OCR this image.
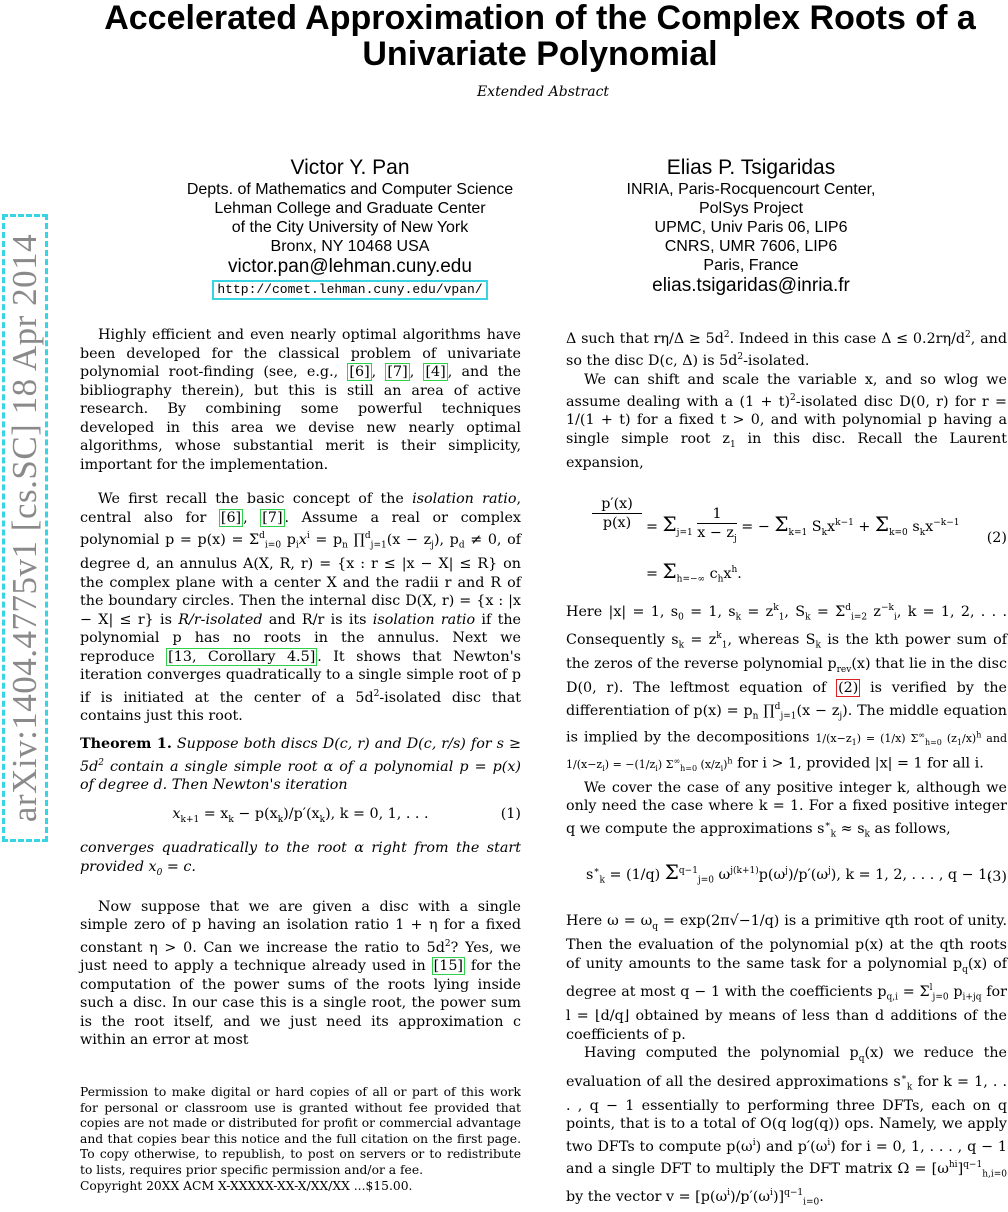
arXiv:1404.4775v1 [cs.SC] 18 Apr 2014
Accelerated Approximation of the Complex Roots of a Univariate Polynomial
Extended Abstract
Victor Y. Pan
Depts. of Mathematics and Computer Science
Lehman College and Graduate Center
of the City University of New York
Bronx, NY 10468 USA
victor.pan@lehman.cuny.edu
http://comet.lehman.cuny.edu/vpan/
Elias P. Tsigaridas
INRIA, Paris-Rocquencourt Center,
PolSys Project
UPMC, Univ Paris 06, LIP6
CNRS, UMR 7606, LIP6
Paris, France
elias.tsigaridas@inria.fr

Highly efficient and even nearly optimal algorithms have been developed for the classical problem of univariate polynomial root-finding (see, e.g., [6] , [7] , [4] , and the bibliography therein), but this is still an area of active research. By combining some powerful techniques developed in this area we devise new nearly optimal algorithms, whose substantial merit is their simplicity, important for the implementation.

We first recall the basic concept of the isolation ratio, central also for [6] , [7] . Assume a real or complex polynomial $p = p(x) = \Sigma^d_{i=0}$ $p_ix^i = p_n$ ∏$^d_{j=1}$(x − $z_j$), $p_d \ne 0$, of degree d, an annulus A(X, R, r) = {x : r ≤ |x − X| ≤ R} on the complex plane with a center X and the radii r and R of the boundary circles. Then the internal disc D(X, r) = {x : |x − X| ≤ r} is R/r-isolated and R/r is its isolation ratio if the polynomial p has no roots in the annulus. Next we reproduce [13, Corollary 4.5] . It shows that Newton's iteration converges quadratically to a single simple root of p if is initiated at the center of a $5d^2$-isolated disc that contains just this root.

Theorem 1. Suppose both discs D(c, r) and D(c, r/s) for $s \ge 5d^2$ contain a single simple root α of a polynomial p = p(x) of degree d. Then Newton's iteration

$x_{k+1} = x_k - p(x_k)/p'(x_k)$, k = 0, 1, . . .	(1)

converges quadratically to the root α right from the start provided $x_0 = c$.

Now suppose that we are given a disc with a single simple zero of p having an isolation ratio 1 + η for a fixed constant η > 0. Can we increase the ratio to $5d^2$? Yes, we just need to apply a technique already used in [15] for the computation of the power sums of the roots lying inside such a disc. In our case this is a single root, the power sum is the root itself, and we just need its approximation c within an error at most

Permission to make digital or hard copies of all or part of this work for personal or classroom use is granted without fee provided that copies are not made or distributed for profit or commercial advantage and that copies bear this notice and the full citation on the first page. To copy otherwise, to republish, to post on servers or to redistribute to lists, requires prior specific permission and/or a fee.
Copyright 20XX ACM X-XXXXX-XX-X/XX/XX ...$15.00.

Δ such that $r\eta/\Delta \ge 5d^2$. Indeed in this case $\Delta \le 0.2r\eta/d^2$, and so the disc D(c, Δ) is $5d^2$-isolated.

We can shift and scale the variable x, and so wlog we assume dealing with a $(1 + t)^2$-isolated disc D(0, r) for r = 1/(1 + t) for a fixed t > 0, and with polynomial p having a single simple root $z_1$ in this disc. Recall the Laurent expansion,

p′(x)
p(x)	= $\Sigma_{j=1} \frac{1}{x - z_j}$ = − $\Sigma_{k=1}$ $S_kx^{k-1} + \Sigma_{k=0}$ $s_kx^{-k-1}$
(2)
= $\Sigma_{h=-\infty}$ $c_hx^h$.

Here |x| = 1, $s_0 = 1$, $s_k = z^k_1$, $S_k = \Sigma^d_{i=2}$ $z^{-k}_i$, k = 1, 2, . . . Consequently $s_k = z^k_1$, whereas $S_k$ is the kth power sum of the zeros of the reverse polynomial $p_{rev}(x)$ that lie in the disc D(0, r). The leftmost equation of (2) is verified by the differentiation of $p(x) = p_n$ ∏$^d_{j=1}$(x − $z_j$). The middle equation is implied by the decompositions $1/(x-z_1) = (1/x)$ $\Sigma^\infty_{h=0}$ $(z_1/x)^h$ and $1/(x-z_i) = -(1/z_i)$ $\Sigma^\infty_{h=0}$ $(x/z_i)^h$ for i > 1, provided |x| = 1 for all i.

We cover the case of any positive integer k, although we only need the case where k = 1. For a fixed positive integer q we compute the approximations $s^∗_k \approx s_k$ as follows,

$s^∗_k = (1/q)$ $\Sigma^{q-1}_{j=0}$ $\omega^{j(k+1)}p(\omega^j)/p'(\omega^j)$, k = 1, 2, . . . , q − 1.
(3)

Here $\omega = \omega_q = \exp(2\pi√-1/q)$ is a primitive qth root of unity. Then the evaluation of the polynomial p(x) at the qth roots of unity amounts to the same task for a polynomial $p_q(x)$ of degree at most q − 1 with the coefficients $p_{q,i} = \Sigma^l_{j=0}$ $p_{i+jq}$ for l = ⌊d/q⌋ obtained by means of less than d additions of the coefficients of p.

Having computed the polynomial $p_q(x)$ we reduce the evaluation of all the desired approximations $s^∗_k$ for k = 1, . . . , q − 1 essentially to performing three DFTs, each on q points, that is to a total of O(q log(q)) ops. Namely, we apply two DFTs to compute $p(\omega^i)$ and $p'(\omega^i)$ for i = 0, 1, . . . , q − 1 and a single DFT to multiply the DFT matrix $\Omega = [\omega^{hi}]^{q-1}_{h,i=0}$ by the vector $v = [p(\omega^i)/p'(\omega^i)]^{q-1}_{i=0}$.
